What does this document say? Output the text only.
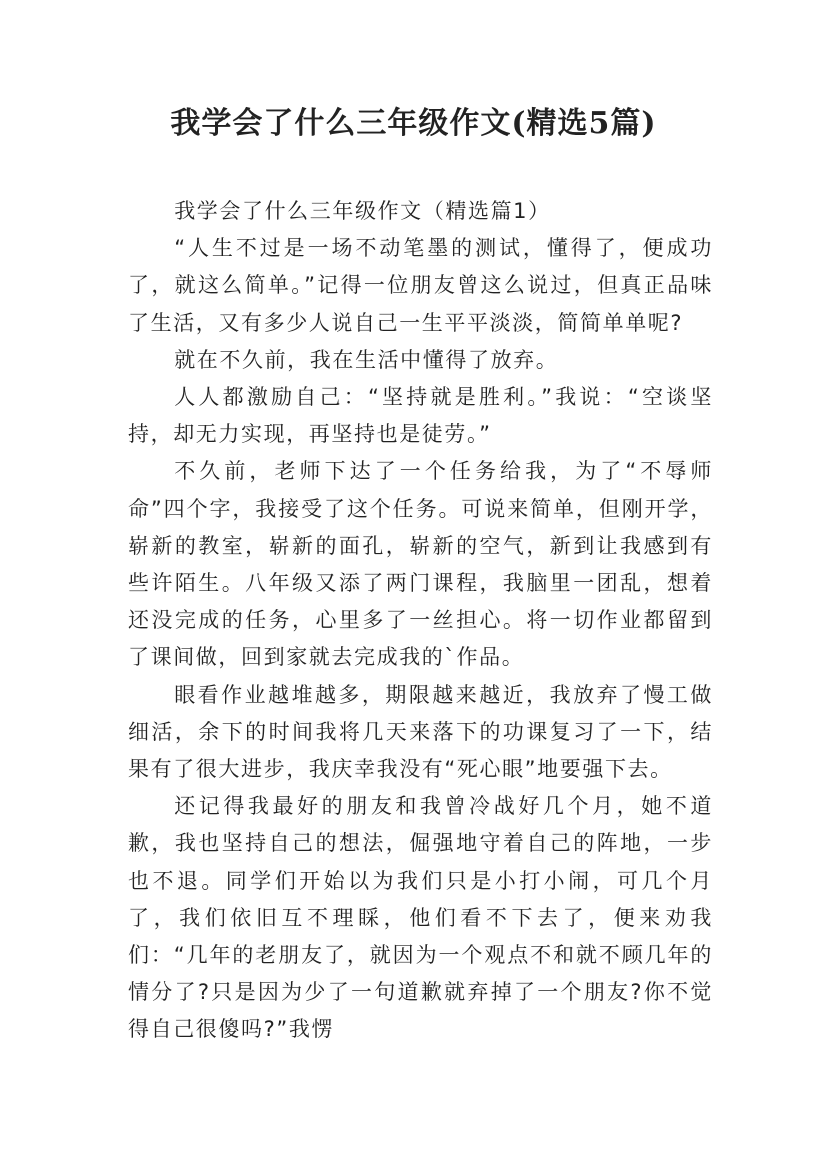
我学会了什么三年级作文(精选5篇)

我学会了什么三年级作文（精选篇1）

“人生不过是一场不动笔墨的测试，懂得了，便成功了，就这么简单。”记得一位朋友曾这么说过，但真正品味了生活，又有多少人说自己一生平平淡淡，简简单单呢?

就在不久前，我在生活中懂得了放弃。

人人都激励自己：“坚持就是胜利。”我说：“空谈坚持，却无力实现，再坚持也是徒劳。”

不久前，老师下达了一个任务给我，为了“不辱师命”四个字，我接受了这个任务。可说来简单，但刚开学，崭新的教室，崭新的面孔，崭新的空气，新到让我感到有些许陌生。八年级又添了两门课程，我脑里一团乱，想着还没完成的任务，心里多了一丝担心。将一切作业都留到了课间做，回到家就去完成我的`作品。

眼看作业越堆越多，期限越来越近，我放弃了慢工做细活，余下的时间我将几天来落下的功课复习了一下，结果有了很大进步，我庆幸我没有“死心眼”地要强下去。

还记得我最好的朋友和我曾冷战好几个月，她不道歉，我也坚持自己的想法，倔强地守着自己的阵地，一步也不退。同学们开始以为我们只是小打小闹，可几个月了，我们依旧互不理睬，他们看不下去了，便来劝我们：“几年的老朋友了，就因为一个观点不和就不顾几年的情分了?只是因为少了一句道歉就弃掉了一个朋友?你不觉得自己很傻吗?”我愣
